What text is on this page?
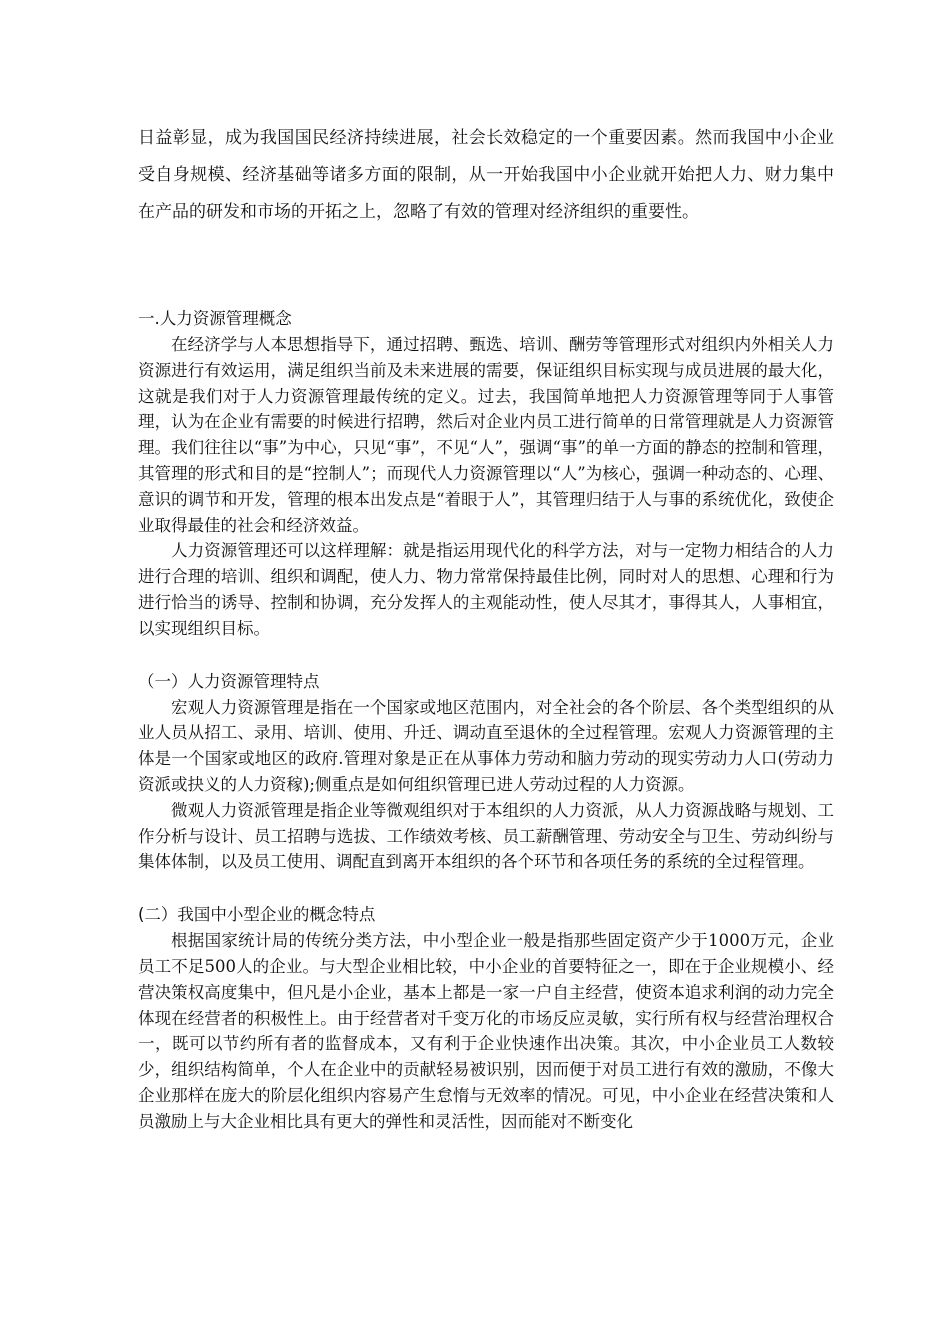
日益彰显，成为我国国民经济持续进展，社会长效稳定的一个重要因素。然而我国中小企业受自身规模、经济基础等诸多方面的限制，从一开始我国中小企业就开始把人力、财力集中在产品的研发和市场的开拓之上，忽略了有效的管理对经济组织的重要性。

一.人力资源管理概念

在经济学与人本思想指导下，通过招聘、甄选、培训、酬劳等管理形式对组织内外相关人力资源进行有效运用，满足组织当前及未来进展的需要，保证组织目标实现与成员进展的最大化，这就是我们对于人力资源管理最传统的定义。过去，我国简单地把人力资源管理等同于人事管理，认为在企业有需要的时候进行招聘，然后对企业内员工进行简单的日常管理就是人力资源管理。我们往往以“事”为中心，只见“事”，不见“人”，强调“事”的单一方面的静态的控制和管理，其管理的形式和目的是“控制人”；而现代人力资源管理以“人”为核心，强调一种动态的、心理、意识的调节和开发，管理的根本出发点是“着眼于人”，其管理归结于人与事的系统优化，致使企业取得最佳的社会和经济效益。

人力资源管理还可以这样理解：就是指运用现代化的科学方法，对与一定物力相结合的人力进行合理的培训、组织和调配，使人力、物力常常保持最佳比例，同时对人的思想、心理和行为进行恰当的诱导、控制和协调，充分发挥人的主观能动性，使人尽其才，事得其人，人事相宜，以实现组织目标。

（一）人力资源管理特点

宏观人力资源管理是指在一个国家或地区范围内，对全社会的各个阶层、各个类型组织的从业人员从招工、录用、培训、使用、升迁、调动直至退休的全过程管理。宏观人力资源管理的主体是一个国家或地区的政府.管理对象是正在从事体力劳动和脑力劳动的现实劳动力人口(劳动力资派或抉义的人力资稼);侧重点是如何组织管理已进人劳动过程的人力资源。

微观人力资派管理是指企业等微观组织对于本组织的人力资派，从人力资源战略与规划、工作分析与设计、员工招聘与选拔、工作绩效考核、员工薪酬管理、劳动安全与卫生、劳动纠纷与集体体制，以及员工使用、调配直到离开本组织的各个环节和各项任务的系统的全过程管理。

(二）我国中小型企业的概念特点

根据国家统计局的传统分类方法，中小型企业一般是指那些固定资产少于1000万元，企业员工不足500人的企业。与大型企业相比较，中小企业的首要特征之一，即在于企业规模小、经营决策权高度集中，但凡是小企业，基本上都是一家一户自主经营，使资本追求利润的动力完全体现在经营者的积极性上。由于经营者对千变万化的市场反应灵敏，实行所有权与经营治理权合一，既可以节约所有者的监督成本，又有利于企业快速作出决策。其次，中小企业员工人数较少，组织结构简单，个人在企业中的贡献轻易被识别，因而便于对员工进行有效的激励，不像大企业那样在庞大的阶层化组织内容易产生怠惰与无效率的情况。可见，中小企业在经营决策和人员激励上与大企业相比具有更大的弹性和灵活性，因而能对不断变化
